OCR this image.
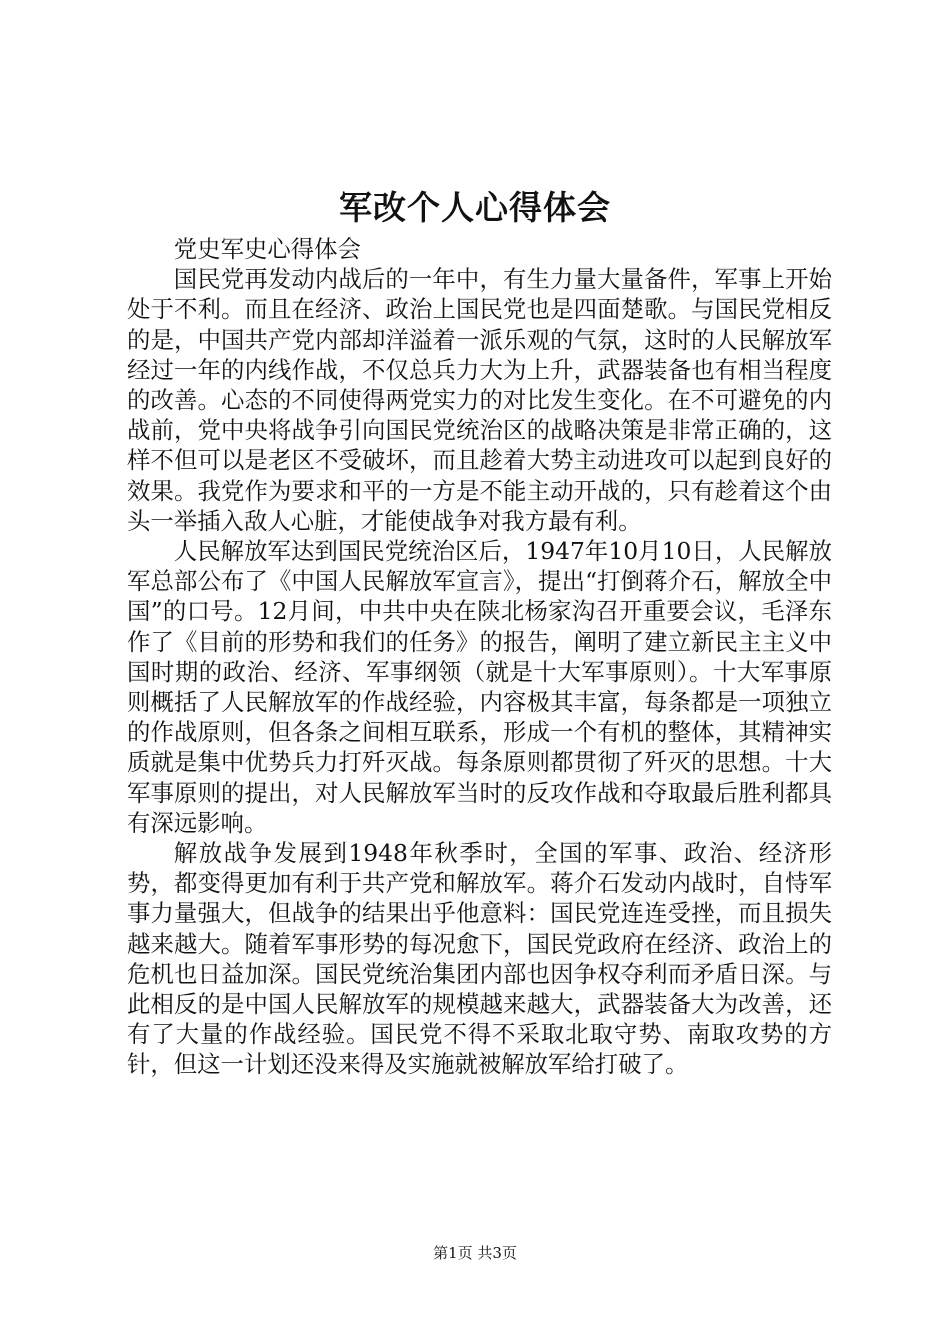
军改个人心得体会

党史军史心得体会

国民党再发动内战后的一年中，有生力量大量备件，军事上开始处于不利。而且在经济、政治上国民党也是四面楚歌。与国民党相反的是，中国共产党内部却洋溢着一派乐观的气氛，这时的人民解放军经过一年的内线作战，不仅总兵力大为上升，武器装备也有相当程度的改善。心态的不同使得两党实力的对比发生变化。在不可避免的内战前，党中央将战争引向国民党统治区的战略决策是非常正确的，这样不但可以是老区不受破坏，而且趁着大势主动进攻可以起到良好的效果。我党作为要求和平的一方是不能主动开战的，只有趁着这个由头一举插入敌人心脏，才能使战争对我方最有利。

人民解放军达到国民党统治区后，1947年10月10日，人民解放军总部公布了《中国人民解放军宣言》，提出“打倒蒋介石，解放全中国”的口号。12月间，中共中央在陕北杨家沟召开重要会议，毛泽东作了《目前的形势和我们的任务》的报告，阐明了建立新民主主义中国时期的政治、经济、军事纲领（就是十大军事原则）。十大军事原则概括了人民解放军的作战经验，内容极其丰富，每条都是一项独立的作战原则，但各条之间相互联系，形成一个有机的整体，其精神实质就是集中优势兵力打歼灭战。每条原则都贯彻了歼灭的思想。十大军事原则的提出，对人民解放军当时的反攻作战和夺取最后胜利都具有深远影响。

解放战争发展到1948年秋季时，全国的军事、政治、经济形势，都变得更加有利于共产党和解放军。蒋介石发动内战时，自恃军事力量强大，但战争的结果出乎他意料：国民党连连受挫，而且损失越来越大。随着军事形势的每况愈下，国民党政府在经济、政治上的危机也日益加深。国民党统治集团内部也因争权夺利而矛盾日深。与此相反的是中国人民解放军的规模越来越大，武器装备大为改善，还有了大量的作战经验。国民党不得不采取北取守势、南取攻势的方针，但这一计划还没来得及实施就被解放军给打破了。

第1页 共3页
